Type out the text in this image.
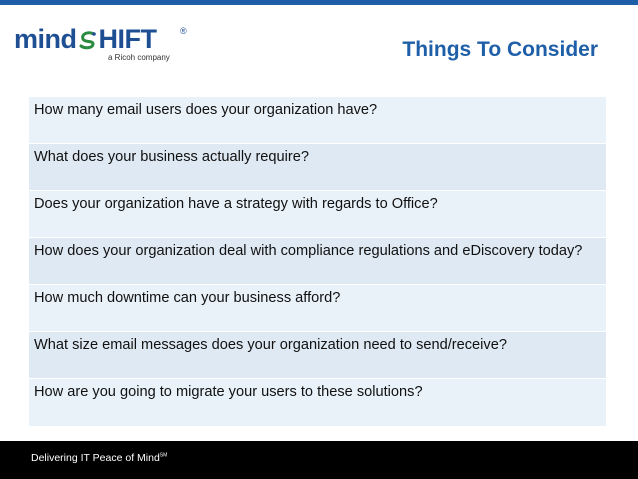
mind HIFT	®
a Ricoh company	Things To Consider
How many email users does your organization have?
What does your business actually require?
Does your organization have a strategy with regards to Office?
How does your organization deal with compliance regulations and eDiscovery today?
How much downtime can your business afford?
What size email messages does your organization need to send/receive?
How are you going to migrate your users to these solutions?
Delivering IT Peace of Mind℠
